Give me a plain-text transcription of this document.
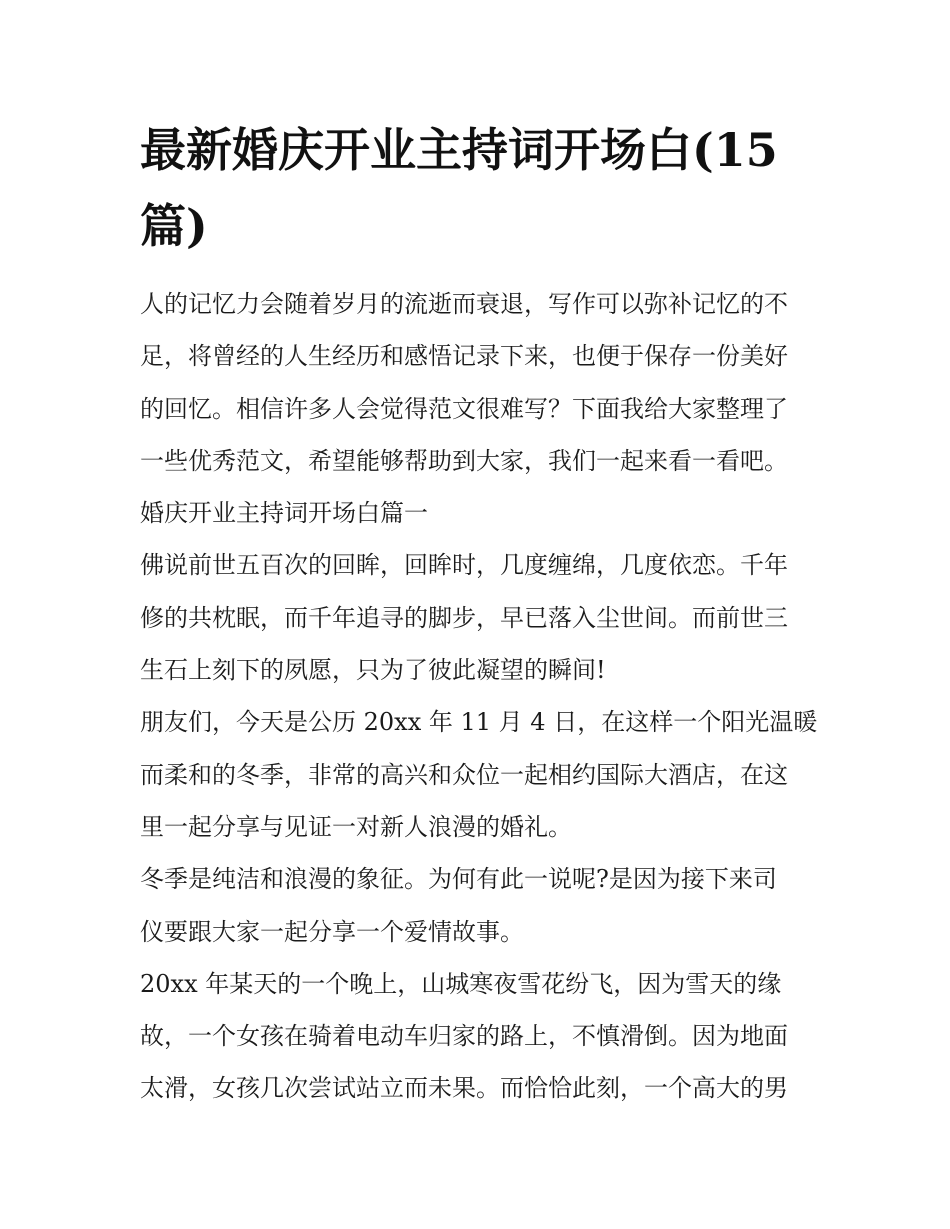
最新婚庆开业主持词开场白(15
篇)

人的记忆力会随着岁月的流逝而衰退，写作可以弥补记忆的不
足，将曾经的人生经历和感悟记录下来，也便于保存一份美好
的回忆。相信许多人会觉得范文很难写？下面我给大家整理了
一些优秀范文，希望能够帮助到大家，我们一起来看一看吧。

婚庆开业主持词开场白篇一

佛说前世五百次的回眸，回眸时，几度缠绵，几度依恋。千年
修的共枕眠，而千年追寻的脚步，早已落入尘世间。而前世三
生石上刻下的夙愿，只为了彼此凝望的瞬间!

朋友们，今天是公历 20xx 年 11 月 4 日，在这样一个阳光温暖
而柔和的冬季，非常的高兴和众位一起相约国际大酒店，在这
里一起分享与见证一对新人浪漫的婚礼。

冬季是纯洁和浪漫的象征。为何有此一说呢?是因为接下来司
仪要跟大家一起分享一个爱情故事。

20xx 年某天的一个晚上，山城寒夜雪花纷飞，因为雪天的缘
故，一个女孩在骑着电动车归家的路上，不慎滑倒。因为地面
太滑，女孩几次尝试站立而未果。而恰恰此刻，一个高大的男
